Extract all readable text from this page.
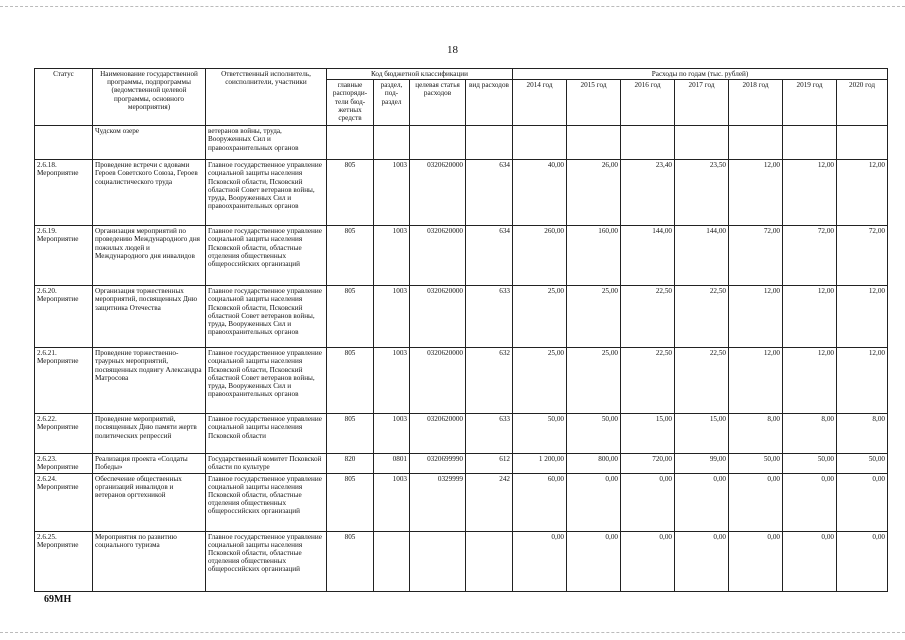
18
Статус	Наименование государственной программы, подпрограммы (ведомственной целевой программы, основного мероприятия)	Ответственный исполнитель, соисполнители, участники	Код бюджетной классификации				Расходы по годам (тыс. рублей)						
			главные распоряди-тели бюд-жетных средств	раздел, под-раздел	целевая статья расходов	вид расходов	2014 год	2015 год	2016 год	2017 год	2018 год	2019 год	2020 год
	Чудском озере	ветеранов войны, труда, Вооруженных Сил и правоохранительных органов											
2.6.18. Мероприятие	Проведение встречи с вдовами Героев Советского Союза, Героев социалистического труда	Главное государственное управление социальной защиты населения Псковской области, Псковский областной Совет ветеранов войны, труда, Вооруженных Сил и правоохранительных органов	805	1003	0320620000	634	40,00	26,00	23,40	23,50	12,00	12,00	12,00
2.6.19. Мероприятие	Организация мероприятий по проведению Международного дня пожилых людей и Международного дня инвалидов	Главное государственное управление социальной защиты населения Псковской области, областные отделения общественных общероссийских организаций	805	1003	0320620000	634	260,00	160,00	144,00	144,00	72,00	72,00	72,00
2.6.20. Мероприятие	Организация торжественных мероприятий, посвященных Дню защитника Отечества	Главное государственное управление социальной защиты населения Псковской области, Псковский областной Совет ветеранов войны, труда, Вооруженных Сил и правоохранительных органов	805	1003	0320620000	633	25,00	25,00	22,50	22,50	12,00	12,00	12,00
2.6.21. Мероприятие	Проведение торжественно-траурных мероприятий, посвященных подвигу Александра Матросова	Главное государственное управление социальной защиты населения Псковской области, Псковский областной Совет ветеранов войны, труда, Вооруженных Сил и правоохранительных органов	805	1003	0320620000	632	25,00	25,00	22,50	22,50	12,00	12,00	12,00
2.6.22. Мероприятие	Проведение мероприятий, посвященных Дню памяти жертв политических репрессий	Главное государственное управление социальной защиты населения Псковской области	805	1003	0320620000	633	50,00	50,00	15,00	15,00	8,00	8,00	8,00
2.6.23. Мероприятие	Реализация проекта «Солдаты Победы»	Государственный комитет Псковской области по культуре	820	0801	0320699990	612	1 200,00	800,00	720,00	99,00	50,00	50,00	50,00
2.6.24. Мероприятие	Обеспечение общественных организаций инвалидов и ветеранов оргтехникой	Главное государственное управление социальной защиты населения Псковской области, областные отделения общественных общероссийских организаций	805	1003	0329999	242	60,00	0,00	0,00	0,00	0,00	0,00	0,00
2.6.25. Мероприятие	Мероприятия по развитию социального туризма	Главное государственное управление социальной защиты населения Псковской области, областные отделения общественных общероссийских организаций	805				0,00	0,00	0,00	0,00	0,00	0,00	0,00
69МН
